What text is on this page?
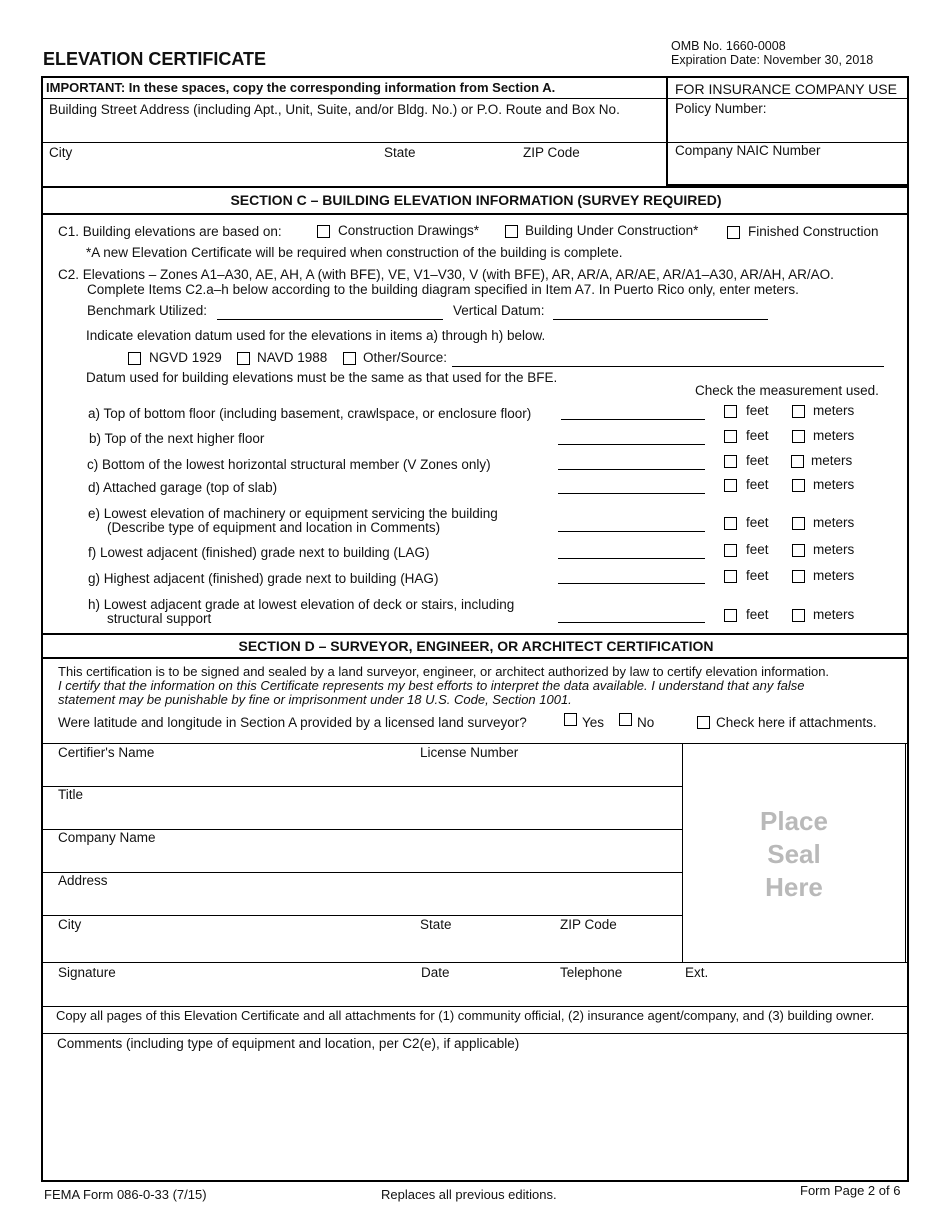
ELEVATION CERTIFICATE
OMB No. 1660-0008
Expiration Date: November 30, 2018
IMPORTANT: In these spaces, copy the corresponding information from Section A.
Building Street Address (including Apt., Unit, Suite, and/or Bldg. No.) or P.O. Route and Box No.
City	State	ZIP Code
FOR INSURANCE COMPANY USE
Policy Number:
Company NAIC Number
SECTION C – BUILDING ELEVATION INFORMATION (SURVEY REQUIRED)
C1. Building elevations are based on:	Construction Drawings*	Building Under Construction*	Finished Construction
*A new Elevation Certificate will be required when construction of the building is complete.
C2. Elevations – Zones A1–A30, AE, AH, A (with BFE), VE, V1–V30, V (with BFE), AR, AR/A, AR/AE, AR/A1–A30, AR/AH, AR/AO.
Complete Items C2.a–h below according to the building diagram specified in Item A7. In Puerto Rico only, enter meters.
Benchmark Utilized:	Vertical Datum:
Indicate elevation datum used for the elevations in items a) through h) below.
NGVD 1929	NAVD 1988	Other/Source:
Datum used for building elevations must be the same as that used for the BFE.
Check the measurement used.
a) Top of bottom floor (including basement, crawlspace, or enclosure floor)	feet	meters
b) Top of the next higher floor	feet	meters
c) Bottom of the lowest horizontal structural member (V Zones only)	feet	meters
d) Attached garage (top of slab)	feet	meters
e) Lowest elevation of machinery or equipment servicing the building
(Describe type of equipment and location in Comments)	feet	meters
f) Lowest adjacent (finished) grade next to building (LAG)	feet	meters
g) Highest adjacent (finished) grade next to building (HAG)	feet	meters
h) Lowest adjacent grade at lowest elevation of deck or stairs, including
structural support	feet	meters
SECTION D – SURVEYOR, ENGINEER, OR ARCHITECT CERTIFICATION
This certification is to be signed and sealed by a land surveyor, engineer, or architect authorized by law to certify elevation information.
I certify that the information on this Certificate represents my best efforts to interpret the data available. I understand that any false
statement may be punishable by fine or imprisonment under 18 U.S. Code, Section 1001.
Were latitude and longitude in Section A provided by a licensed land surveyor?	Yes No	Check here if attachments.
Certifier's Name	License Number
Title
Company Name
Address
City	State	ZIP Code
Place
Seal
Here
Signature	Date	Telephone	Ext.
Copy all pages of this Elevation Certificate and all attachments for (1) community official, (2) insurance agent/company, and (3) building owner.
Comments (including type of equipment and location, per C2(e), if applicable)
FEMA Form 086-0-33 (7/15)	Replaces all previous editions.	Form Page 2 of 6
